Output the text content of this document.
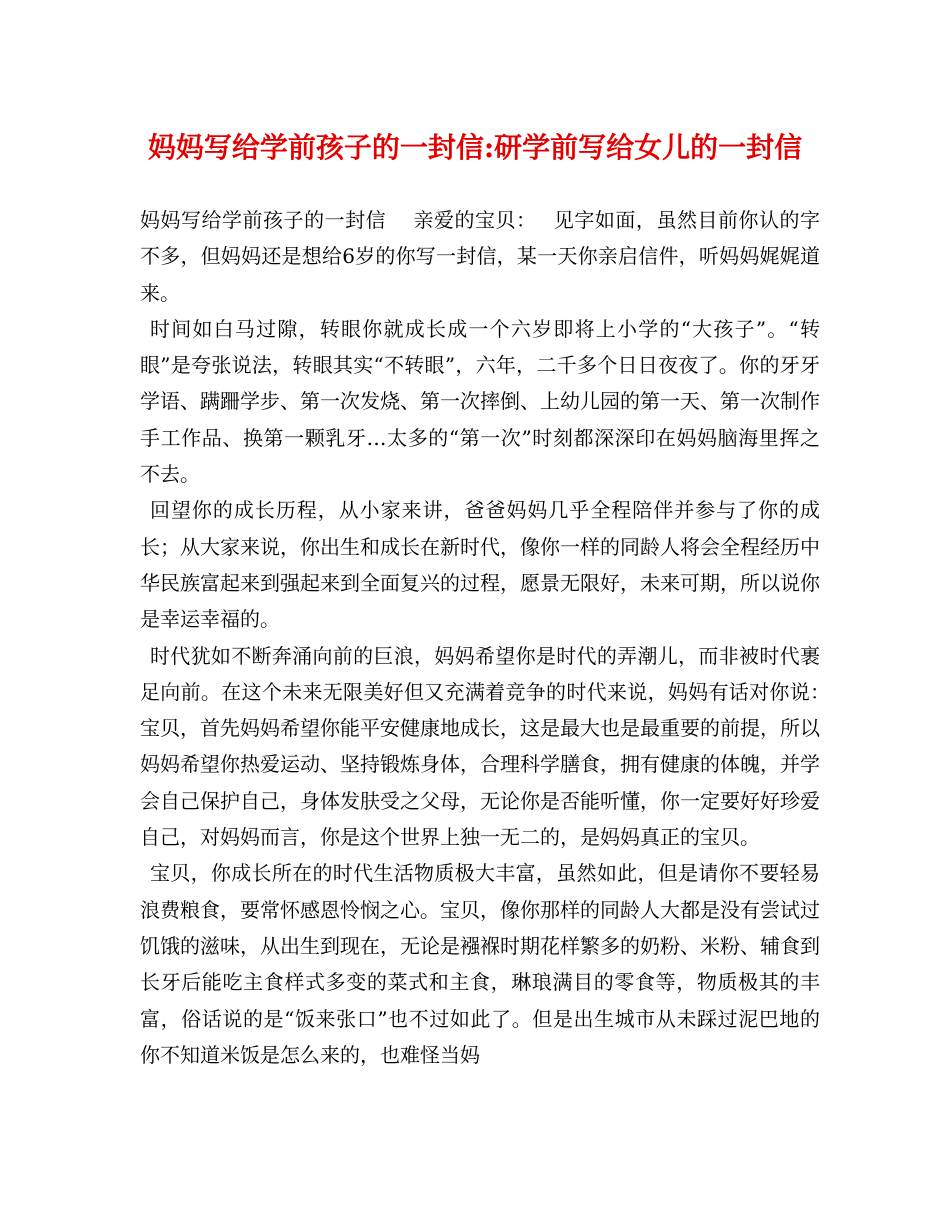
妈妈写给学前孩子的一封信:研学前写给女儿的一封信

妈妈写给学前孩子的一封信　 亲爱的宝贝：　 见字如面，虽然目前你认的字不多，但妈妈还是想给6岁的你写一封信，某一天你亲启信件，听妈妈娓娓道来。

时间如白马过隙，转眼你就成长成一个六岁即将上小学的“大孩子”。“转眼”是夸张说法，转眼其实“不转眼”，六年，二千多个日日夜夜了。你的牙牙学语、蹒跚学步、第一次发烧、第一次摔倒、上幼儿园的第一天、第一次制作手工作品、换第一颗乳牙…太多的“第一次”时刻都深深印在妈妈脑海里挥之不去。

回望你的成长历程，从小家来讲，爸爸妈妈几乎全程陪伴并参与了你的成长；从大家来说，你出生和成长在新时代，像你一样的同龄人将会全程经历中华民族富起来到强起来到全面复兴的过程，愿景无限好，未来可期，所以说你是幸运幸福的。

时代犹如不断奔涌向前的巨浪，妈妈希望你是时代的弄潮儿，而非被时代裹足向前。在这个未来无限美好但又充满着竞争的时代来说，妈妈有话对你说：　 宝贝，首先妈妈希望你能平安健康地成长，这是最大也是最重要的前提，所以妈妈希望你热爱运动、坚持锻炼身体，合理科学膳食，拥有健康的体魄，并学会自己保护自己，身体发肤受之父母，无论你是否能听懂，你一定要好好珍爱自己，对妈妈而言，你是这个世界上独一无二的，是妈妈真正的宝贝。

宝贝，你成长所在的时代生活物质极大丰富，虽然如此，但是请你不要轻易浪费粮食，要常怀感恩怜悯之心。宝贝，像你那样的同龄人大都是没有尝试过饥饿的滋味，从出生到现在，无论是襁褓时期花样繁多的奶粉、米粉、辅食到长牙后能吃主食样式多变的菜式和主食，琳琅满目的零食等，物质极其的丰富，俗话说的是“饭来张口”也不过如此了。但是出生城市从未踩过泥巴地的你不知道米饭是怎么来的，也难怪当妈
